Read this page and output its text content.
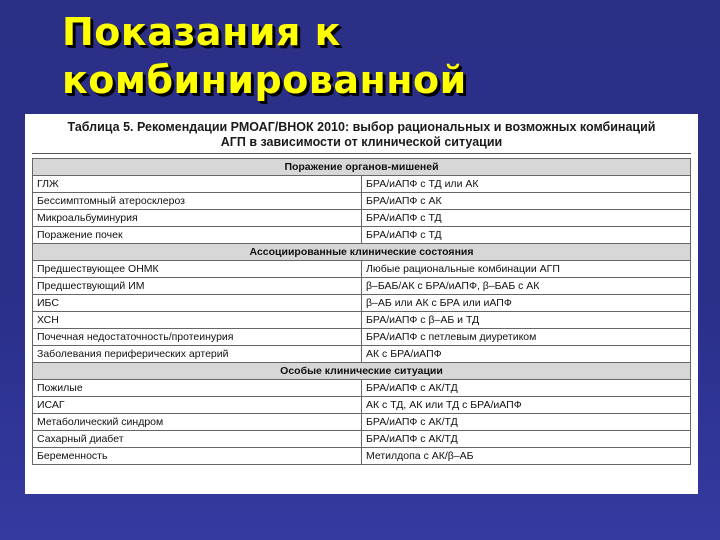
Показания к
комбинированной
Таблица 5. Рекомендации РМОАГ/ВНОК 2010: выбор рациональных и возможных комбинаций
АГП в зависимости от клинической ситуации
Поражение органов-мишеней	
ГЛЖ	БРА/иАПФ с ТД или АК
Бессимптомный атеросклероз	БРА/иАПФ с АК
Микроальбуминурия	БРА/иАПФ с ТД
Поражение почек	БРА/иАПФ с ТД
Ассоциированные клинические состояния	
Предшествующее ОНМК	Любые рациональные комбинации АГП
Предшествующий ИМ	β–БАБ/АК с БРА/иАПФ, β–БАБ с АК
ИБС	β–АБ или АК с БРА или иАПФ
ХСН	БРА/иАПФ с β–АБ и ТД
Почечная недостаточность/протеинурия	БРА/иАПФ с петлевым диуретиком
Заболевания периферических артерий	АК с БРА/иАПФ
Особые клинические ситуации	
Пожилые	БРА/иАПФ с АК/ТД
ИСАГ	АК с ТД, АК или ТД с БРА/иАПФ
Метаболический синдром	БРА/иАПФ с АК/ТД
Сахарный диабет	БРА/иАПФ с АК/ТД
Беременность	Метилдопа с АК/β–АБ
